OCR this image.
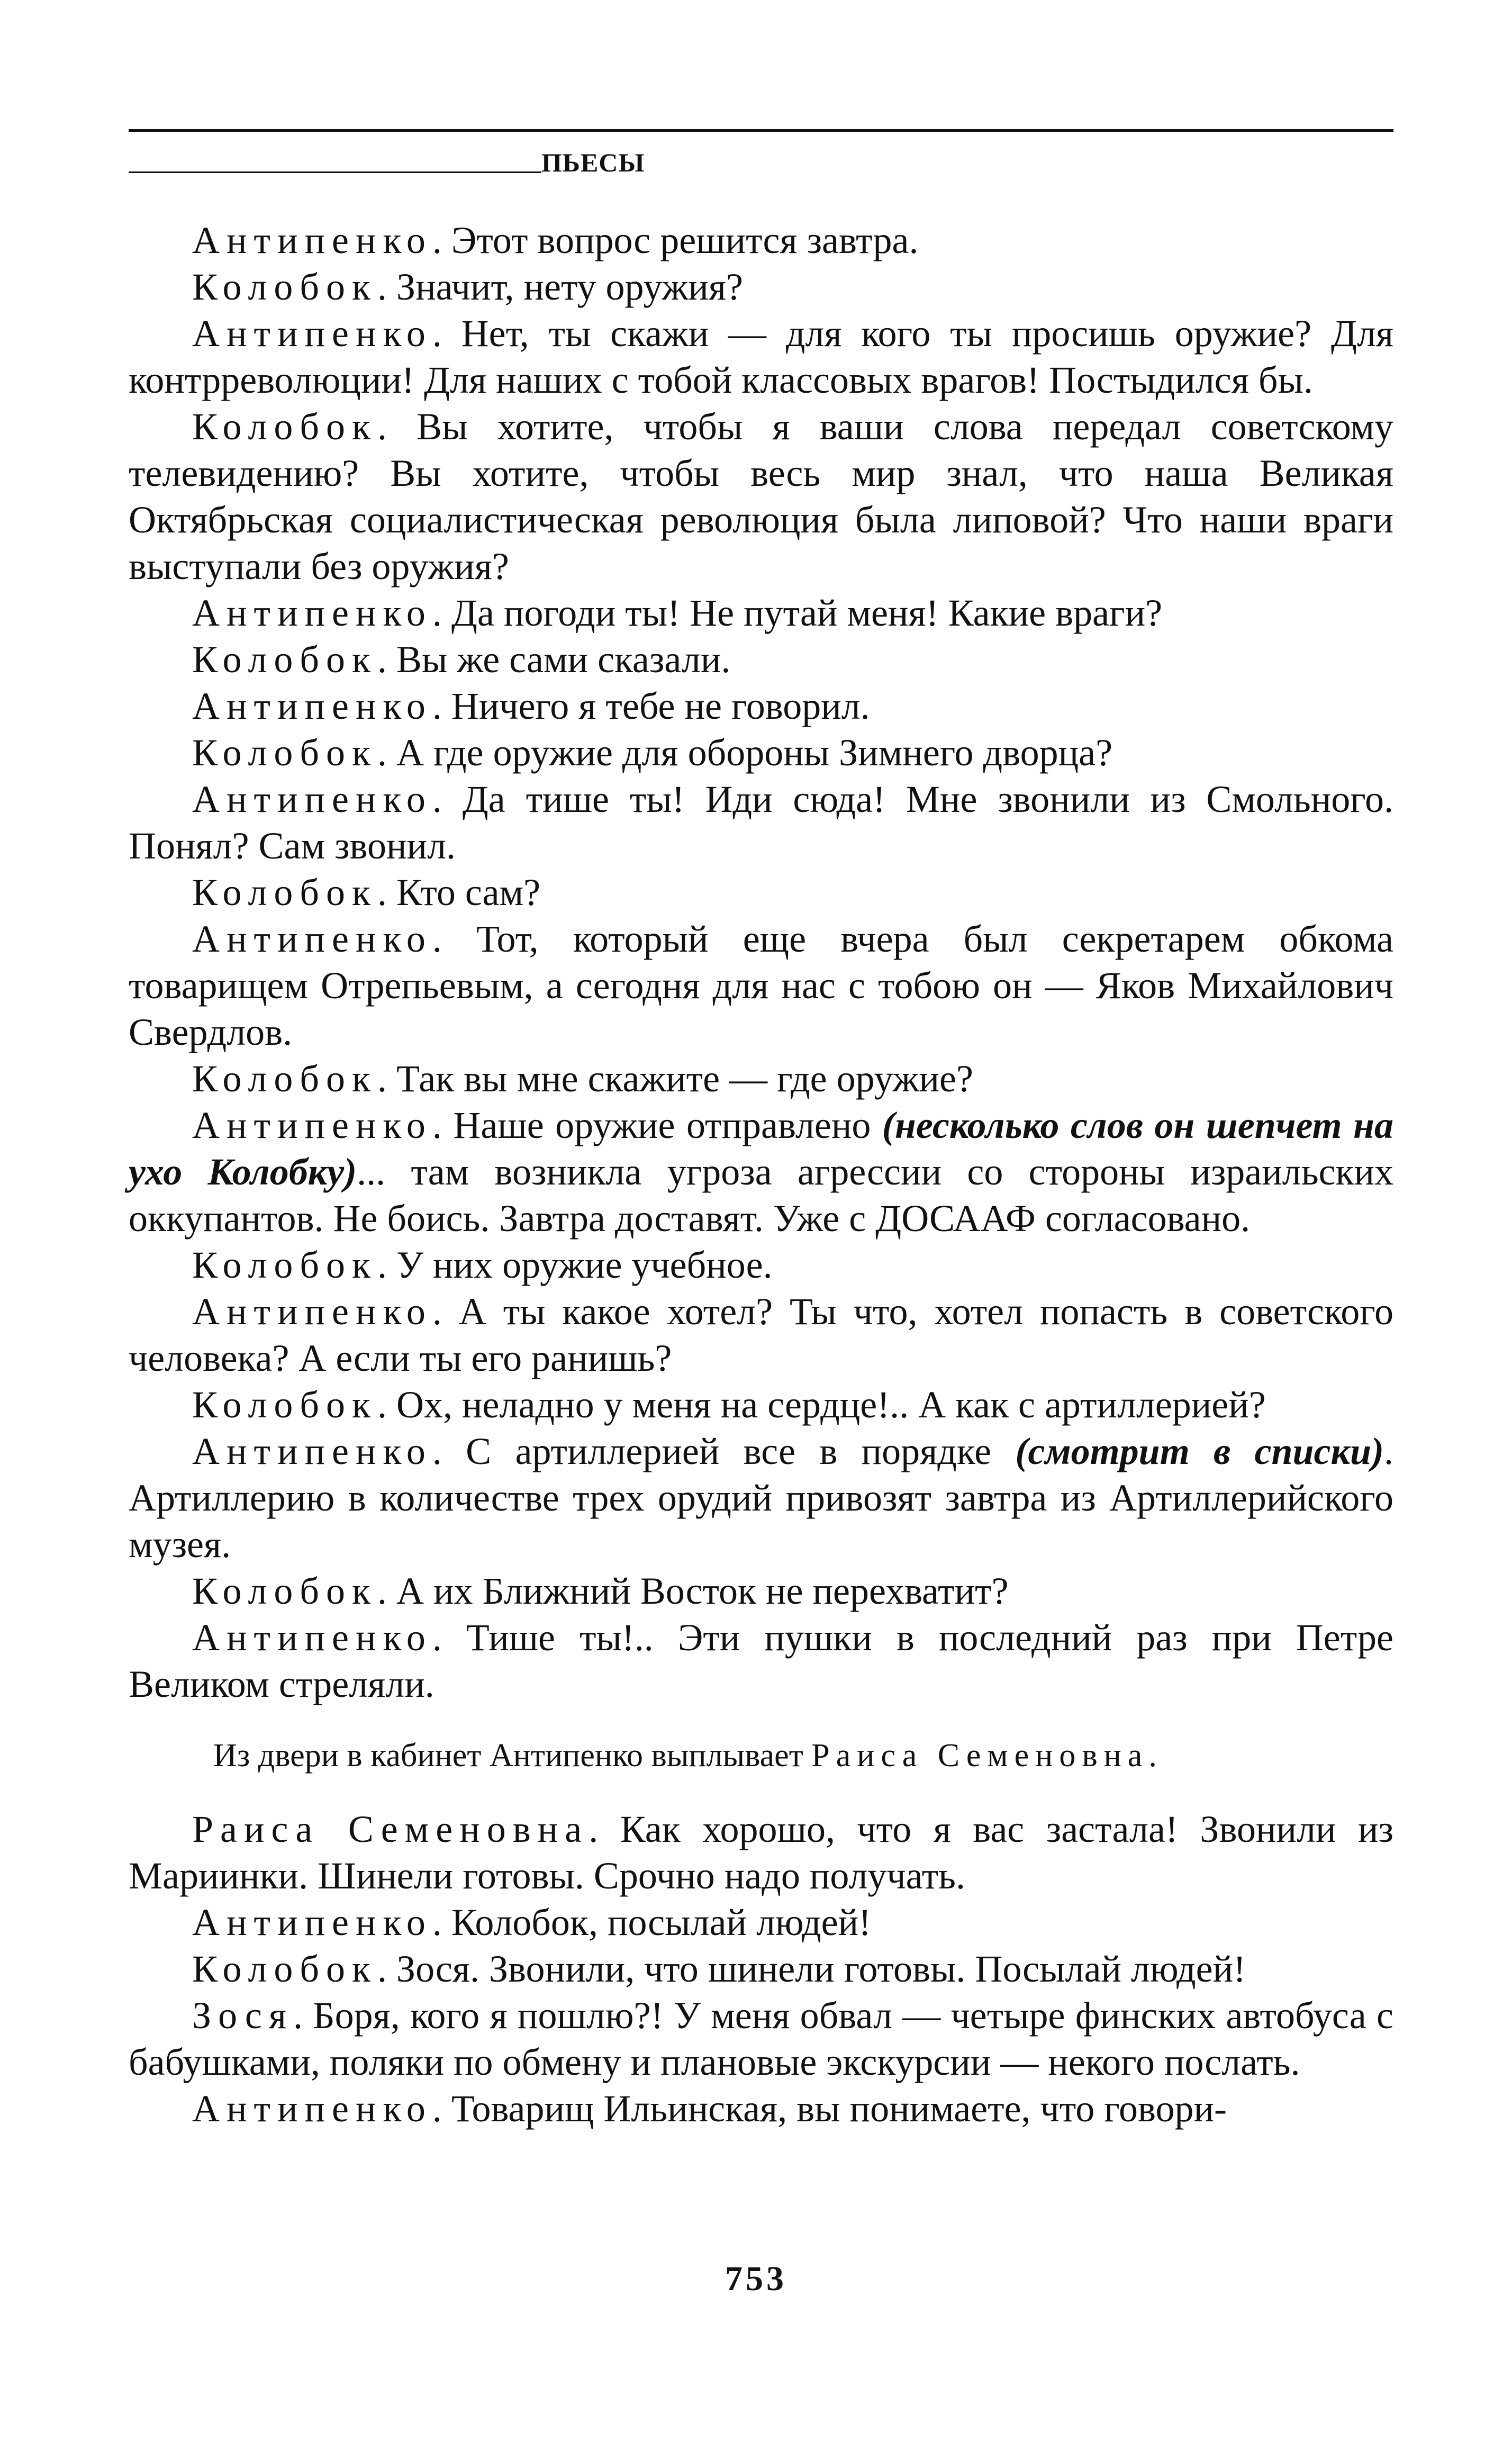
ПЬЕСЫ

Антипенко. Этот вопрос решится завтра.

Колобок. Значит, нету оружия?

Антипенко. Нет, ты скажи — для кого ты просишь оружие? Для контрреволюции! Для наших с тобой классовых врагов! Постыдился бы.

Колобок. Вы хотите, чтобы я ваши слова передал советскому телевидению? Вы хотите, чтобы весь мир знал, что наша Великая Октябрьская социалистическая революция была липовой? Что наши враги выступали без оружия?

Антипенко. Да погоди ты! Не путай меня! Какие враги?

Колобок. Вы же сами сказали.

Антипенко. Ничего я тебе не говорил.

Колобок. А где оружие для обороны Зимнего дворца?

Антипенко. Да тише ты! Иди сюда! Мне звонили из Смольного. Понял? Сам звонил.

Колобок. Кто сам?

Антипенко. Тот, который еще вчера был секретарем обкома товарищем Отрепьевым, а сегодня для нас с тобою он — Яков Михайлович Свердлов.

Колобок. Так вы мне скажите — где оружие?

Антипенко. Наше оружие отправлено (несколько слов он шепчет на ухо Колобку)... там возникла угроза агрессии со стороны израильских оккупантов. Не боись. Завтра доставят. Уже с ДОСААФ согласовано.

Колобок. У них оружие учебное.

Антипенко. А ты какое хотел? Ты что, хотел попасть в советского человека? А если ты его ранишь?

Колобок. Ох, неладно у меня на сердце!.. А как с артиллерией?

Антипенко. С артиллерией все в порядке (смотрит в списки). Артиллерию в количестве трех орудий привозят завтра из Артиллерийского музея.

Колобок. А их Ближний Восток не перехватит?

Антипенко. Тише ты!.. Эти пушки в последний раз при Петре Великом стреляли.

Из двери в кабинет Антипенко выплывает Раиса Семеновна.

Раиса Семеновна. Как хорошо, что я вас застала! Звонили из Мариинки. Шинели готовы. Срочно надо получать.

Антипенко. Колобок, посылай людей!

Колобок. Зося. Звонили, что шинели готовы. Посылай людей!

Зося. Боря, кого я пошлю?! У меня обвал — четыре финских автобуса с бабушками, поляки по обмену и плановые экскурсии — некого послать.

Антипенко. Товарищ Ильинская, вы понимаете, что говори-

753
